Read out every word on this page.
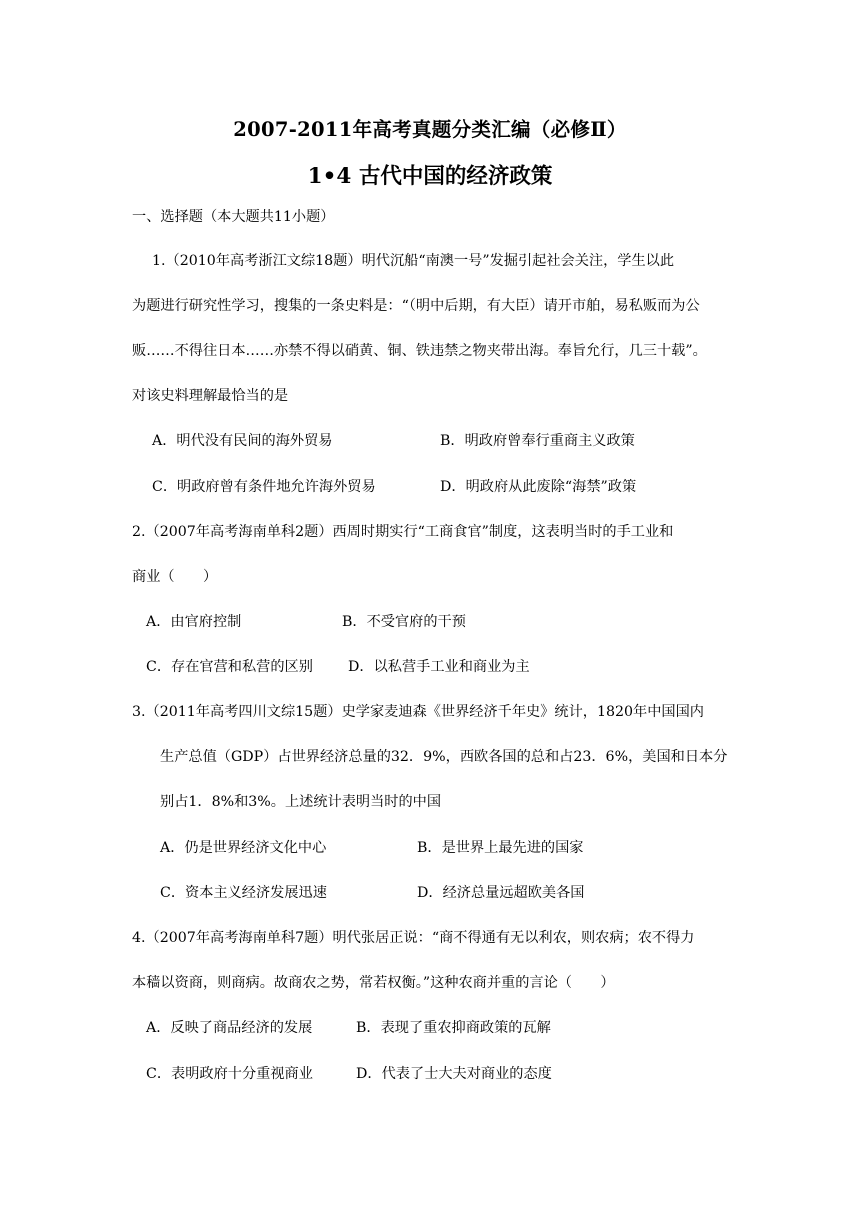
2007-2011年高考真题分类汇编（必修Ⅱ）
1•4 古代中国的经济政策
一、选择题（本大题共11小题）
1.（2010年高考浙江文综18题）明代沉船“南澳一号”发掘引起社会关注，学生以此
为题进行研究性学习，搜集的一条史料是：“（明中后期，有大臣）请开市舶，易私贩而为公
贩……不得往日本……亦禁不得以硝黄、铜、铁违禁之物夹带出海。奉旨允行，几三十载”。
对该史料理解最恰当的是
A．明代没有民间的海外贸易	B．明政府曾奉行重商主义政策
C．明政府曾有条件地允许海外贸易	D．明政府从此废除“海禁”政策
2.（2007年高考海南单科2题）西周时期实行“工商食官”制度，这表明当时的手工业和
商业（　　）
A．由官府控制	B．不受官府的干预
C．存在官营和私营的区别 D．以私营手工业和商业为主
3.（2011年高考四川文综15题）史学家麦迪森《世界经济千年史》统计，1820年中国国内
生产总值（GDP）占世界经济总量的32．9%，西欧各国的总和占23．6%，美国和日本分
别占1．8%和3%。上述统计表明当时的中国
A．仍是世界经济文化中心	B．是世界上最先进的国家
C．资本主义经济发展迅速	D．经济总量远超欧美各国
4.（2007年高考海南单科7题）明代张居正说：“商不得通有无以利农，则农病；农不得力
本穑以资商，则商病。故商农之势，常若权衡。”这种农商并重的言论（　　）
A．反映了商品经济的发展	B．表现了重农抑商政策的瓦解
C．表明政府十分重视商业	D．代表了士大夫对商业的态度
